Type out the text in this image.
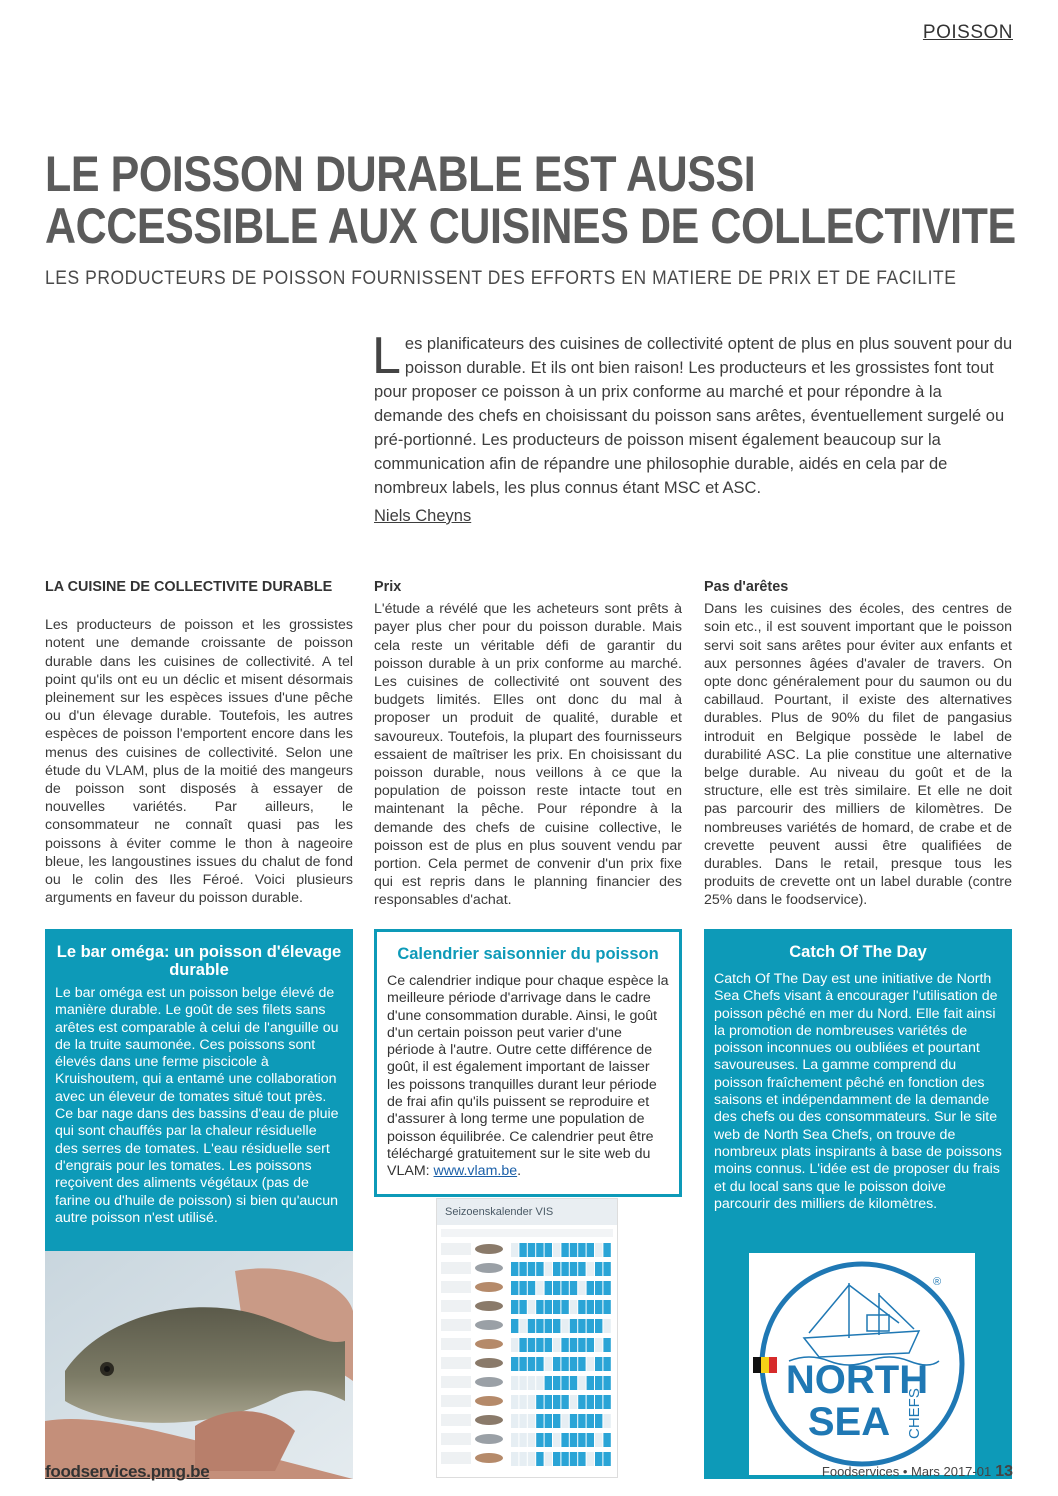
POISSON
LE POISSON DURABLE EST AUSSI
ACCESSIBLE AUX CUISINES DE COLLECTIVITE
LES PRODUCTEURS DE POISSON FOURNISSENT DES EFFORTS EN MATIERE DE PRIX ET DE FACILITE
Les planificateurs des cuisines de collectivité optent de plus en plus souvent pour du poisson durable. Et ils ont bien raison! Les producteurs et les grossistes font tout pour proposer ce poisson à un prix conforme au marché et pour répondre à la demande des chefs en choisissant du poisson sans arêtes, éventuellement surgelé ou pré-portionné. Les producteurs de poisson misent également beaucoup sur la communication afin de répandre une philosophie durable, aidés en cela par de nombreux labels, les plus connus étant MSC et ASC.
Niels Cheyns
LA CUISINE DE COLLECTIVITE DURABLE
Les producteurs de poisson et les grossistes notent une demande croissante de poisson durable dans les cuisines de collectivité. A tel point qu'ils ont eu un déclic et misent désormais pleinement sur les espèces issues d'une pêche ou d'un élevage durable. Toutefois, les autres espèces de poisson l'emportent encore dans les menus des cuisines de collectivité. Selon une étude du VLAM, plus de la moitié des mangeurs de poisson sont disposés à essayer de nouvelles variétés. Par ailleurs, le consommateur ne connaît quasi pas les poissons à éviter comme le thon à nageoire bleue, les langoustines issues du chalut de fond ou le colin des Iles Féroé. Voici plusieurs arguments en faveur du poisson durable.
Prix
L'étude a révélé que les acheteurs sont prêts à payer plus cher pour du poisson durable. Mais cela reste un véritable défi de garantir du poisson durable à un prix conforme au marché. Les cuisines de collectivité ont souvent des budgets limités. Elles ont donc du mal à proposer un produit de qualité, durable et savoureux. Toutefois, la plupart des fournisseurs essaient de maîtriser les prix. En choisissant du poisson durable, nous veillons à ce que la population de poisson reste intacte tout en maintenant la pêche. Pour répondre à la demande des chefs de cuisine collective, le poisson est de plus en plus souvent vendu par portion. Cela permet de convenir d'un prix fixe qui est repris dans le planning financier des responsables d'achat.
Pas d'arêtes
Dans les cuisines des écoles, des centres de soin etc., il est souvent important que le poisson servi soit sans arêtes pour éviter aux enfants et aux personnes âgées d'avaler de travers. On opte donc généralement pour du saumon ou du cabillaud. Pourtant, il existe des alternatives durables. Plus de 90% du filet de pangasius introduit en Belgique possède le label de durabilité ASC. La plie constitue une alternative belge durable. Au niveau du goût et de la structure, elle est très similaire. Et elle ne doit pas parcourir des milliers de kilomètres. De nombreuses variétés de homard, de crabe et de crevette peuvent aussi être qualifiées de durables. Dans le retail, presque tous les produits de crevette ont un label durable (contre 25% dans le foodservice).
Le bar oméga: un poisson d'élevage durable

Le bar oméga est un poisson belge élevé de manière durable. Le goût de ses filets sans arêtes est comparable à celui de l'anguille ou de la truite saumonée. Ces poissons sont élevés dans une ferme piscicole à Kruishoutem, qui a entamé une collaboration avec un éleveur de tomates situé tout près. Ce bar nage dans des bassins d'eau de pluie qui sont chauffés par la chaleur résiduelle des serres de tomates. L'eau résiduelle sert d'engrais pour les tomates. Les poissons reçoivent des aliments végétaux (pas de farine ou d'huile de poisson) si bien qu'aucun autre poisson n'est utilisé.

Calendrier saisonnier du poisson

Ce calendrier indique pour chaque espèce la meilleure période d'arrivage dans le cadre d'une consommation durable. Ainsi, le goût d'un certain poisson peut varier d'une période à l'autre. Outre cette différence de goût, il est également important de laisser les poissons tranquilles durant leur période de frai afin qu'ils puissent se reproduire et d'assurer à long terme une population de poisson équilibrée. Ce calendrier peut être téléchargé gratuitement sur le site web du VLAM: www.vlam.be.

Seizoenskalender VIS
Catch Of The Day

Catch Of The Day est une initiative de North Sea Chefs visant à encourager l'utilisation de poisson pêché en mer du Nord. Elle fait ainsi la promotion de nombreuses variétés de poisson inconnues ou oubliées et pourtant savoureuses. La gamme comprend du poisson fraîchement pêché en fonction des saisons et indépendamment de la demande des chefs ou des consommateurs. Sur le site web de North Sea Chefs, on trouve de nombreux plats inspirants à base de poissons moins connus. L'idée est de proposer du frais et du local sans que le poisson doive parcourir des milliers de kilomètres.

®
NORTH
SEA CHEFS
foodservices.pmg.be	Foodservices • Mars 2017-01 13
